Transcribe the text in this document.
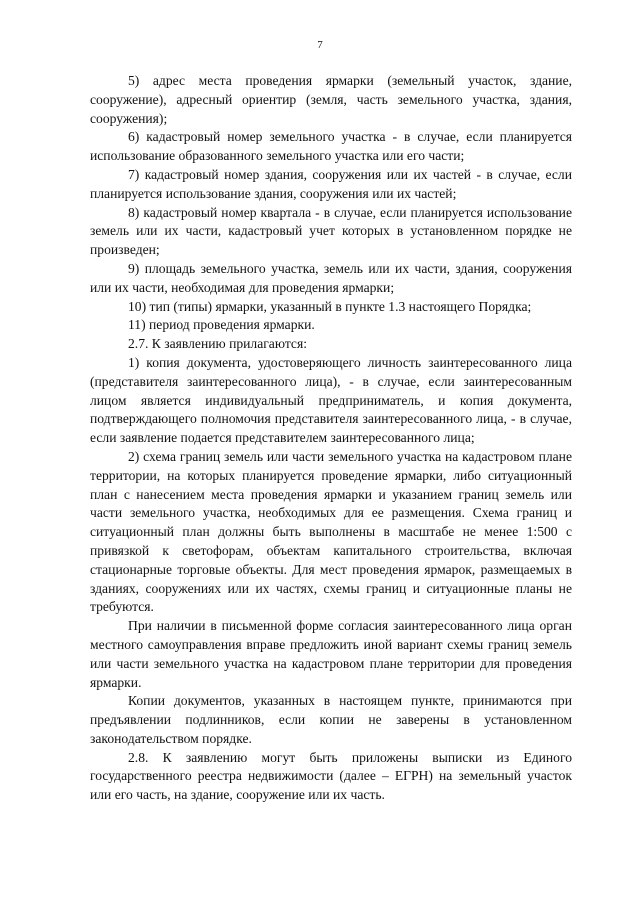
7

5) адрес места проведения ярмарки (земельный участок, здание, сооружение), адресный ориентир (земля, часть земельного участка, здания, сооружения);

6) кадастровый номер земельного участка - в случае, если планируется использование образованного земельного участка или его части;

7) кадастровый номер здания, сооружения или их частей - в случае, если планируется использование здания, сооружения или их частей;

8) кадастровый номер квартала - в случае, если планируется использование земель или их части, кадастровый учет которых в установленном порядке не произведен;

9) площадь земельного участка, земель или их части, здания, сооружения или их части, необходимая для проведения ярмарки;

10) тип (типы) ярмарки, указанный в пункте 1.3 настоящего Порядка;

11) период проведения ярмарки.

2.7. К заявлению прилагаются:

1) копия документа, удостоверяющего личность заинтересованного лица (представителя заинтересованного лица), - в случае, если заинтересованным лицом является индивидуальный предприниматель, и копия документа, подтверждающего полномочия представителя заинтересованного лица, - в случае, если заявление подается представителем заинтересованного лица;

2) схема границ земель или части земельного участка на кадастровом плане территории, на которых планируется проведение ярмарки, либо ситуационный план с нанесением места проведения ярмарки и указанием границ земель или части земельного участка, необходимых для ее размещения. Схема границ и ситуационный план должны быть выполнены в масштабе не менее 1:500 с привязкой к светофорам, объектам капитального строительства, включая стационарные торговые объекты. Для мест проведения ярмарок, размещаемых в зданиях, сооружениях или их частях, схемы границ и ситуационные планы не требуются.

При наличии в письменной форме согласия заинтересованного лица орган местного самоуправления вправе предложить иной вариант схемы границ земель или части земельного участка на кадастровом плане территории для проведения ярмарки.

Копии документов, указанных в настоящем пункте, принимаются при предъявлении подлинников, если копии не заверены в установленном законодательством порядке.

2.8. К заявлению могут быть приложены выписки из Единого государственного реестра недвижимости (далее – ЕГРН) на земельный участок или его часть, на здание, сооружение или их часть.
